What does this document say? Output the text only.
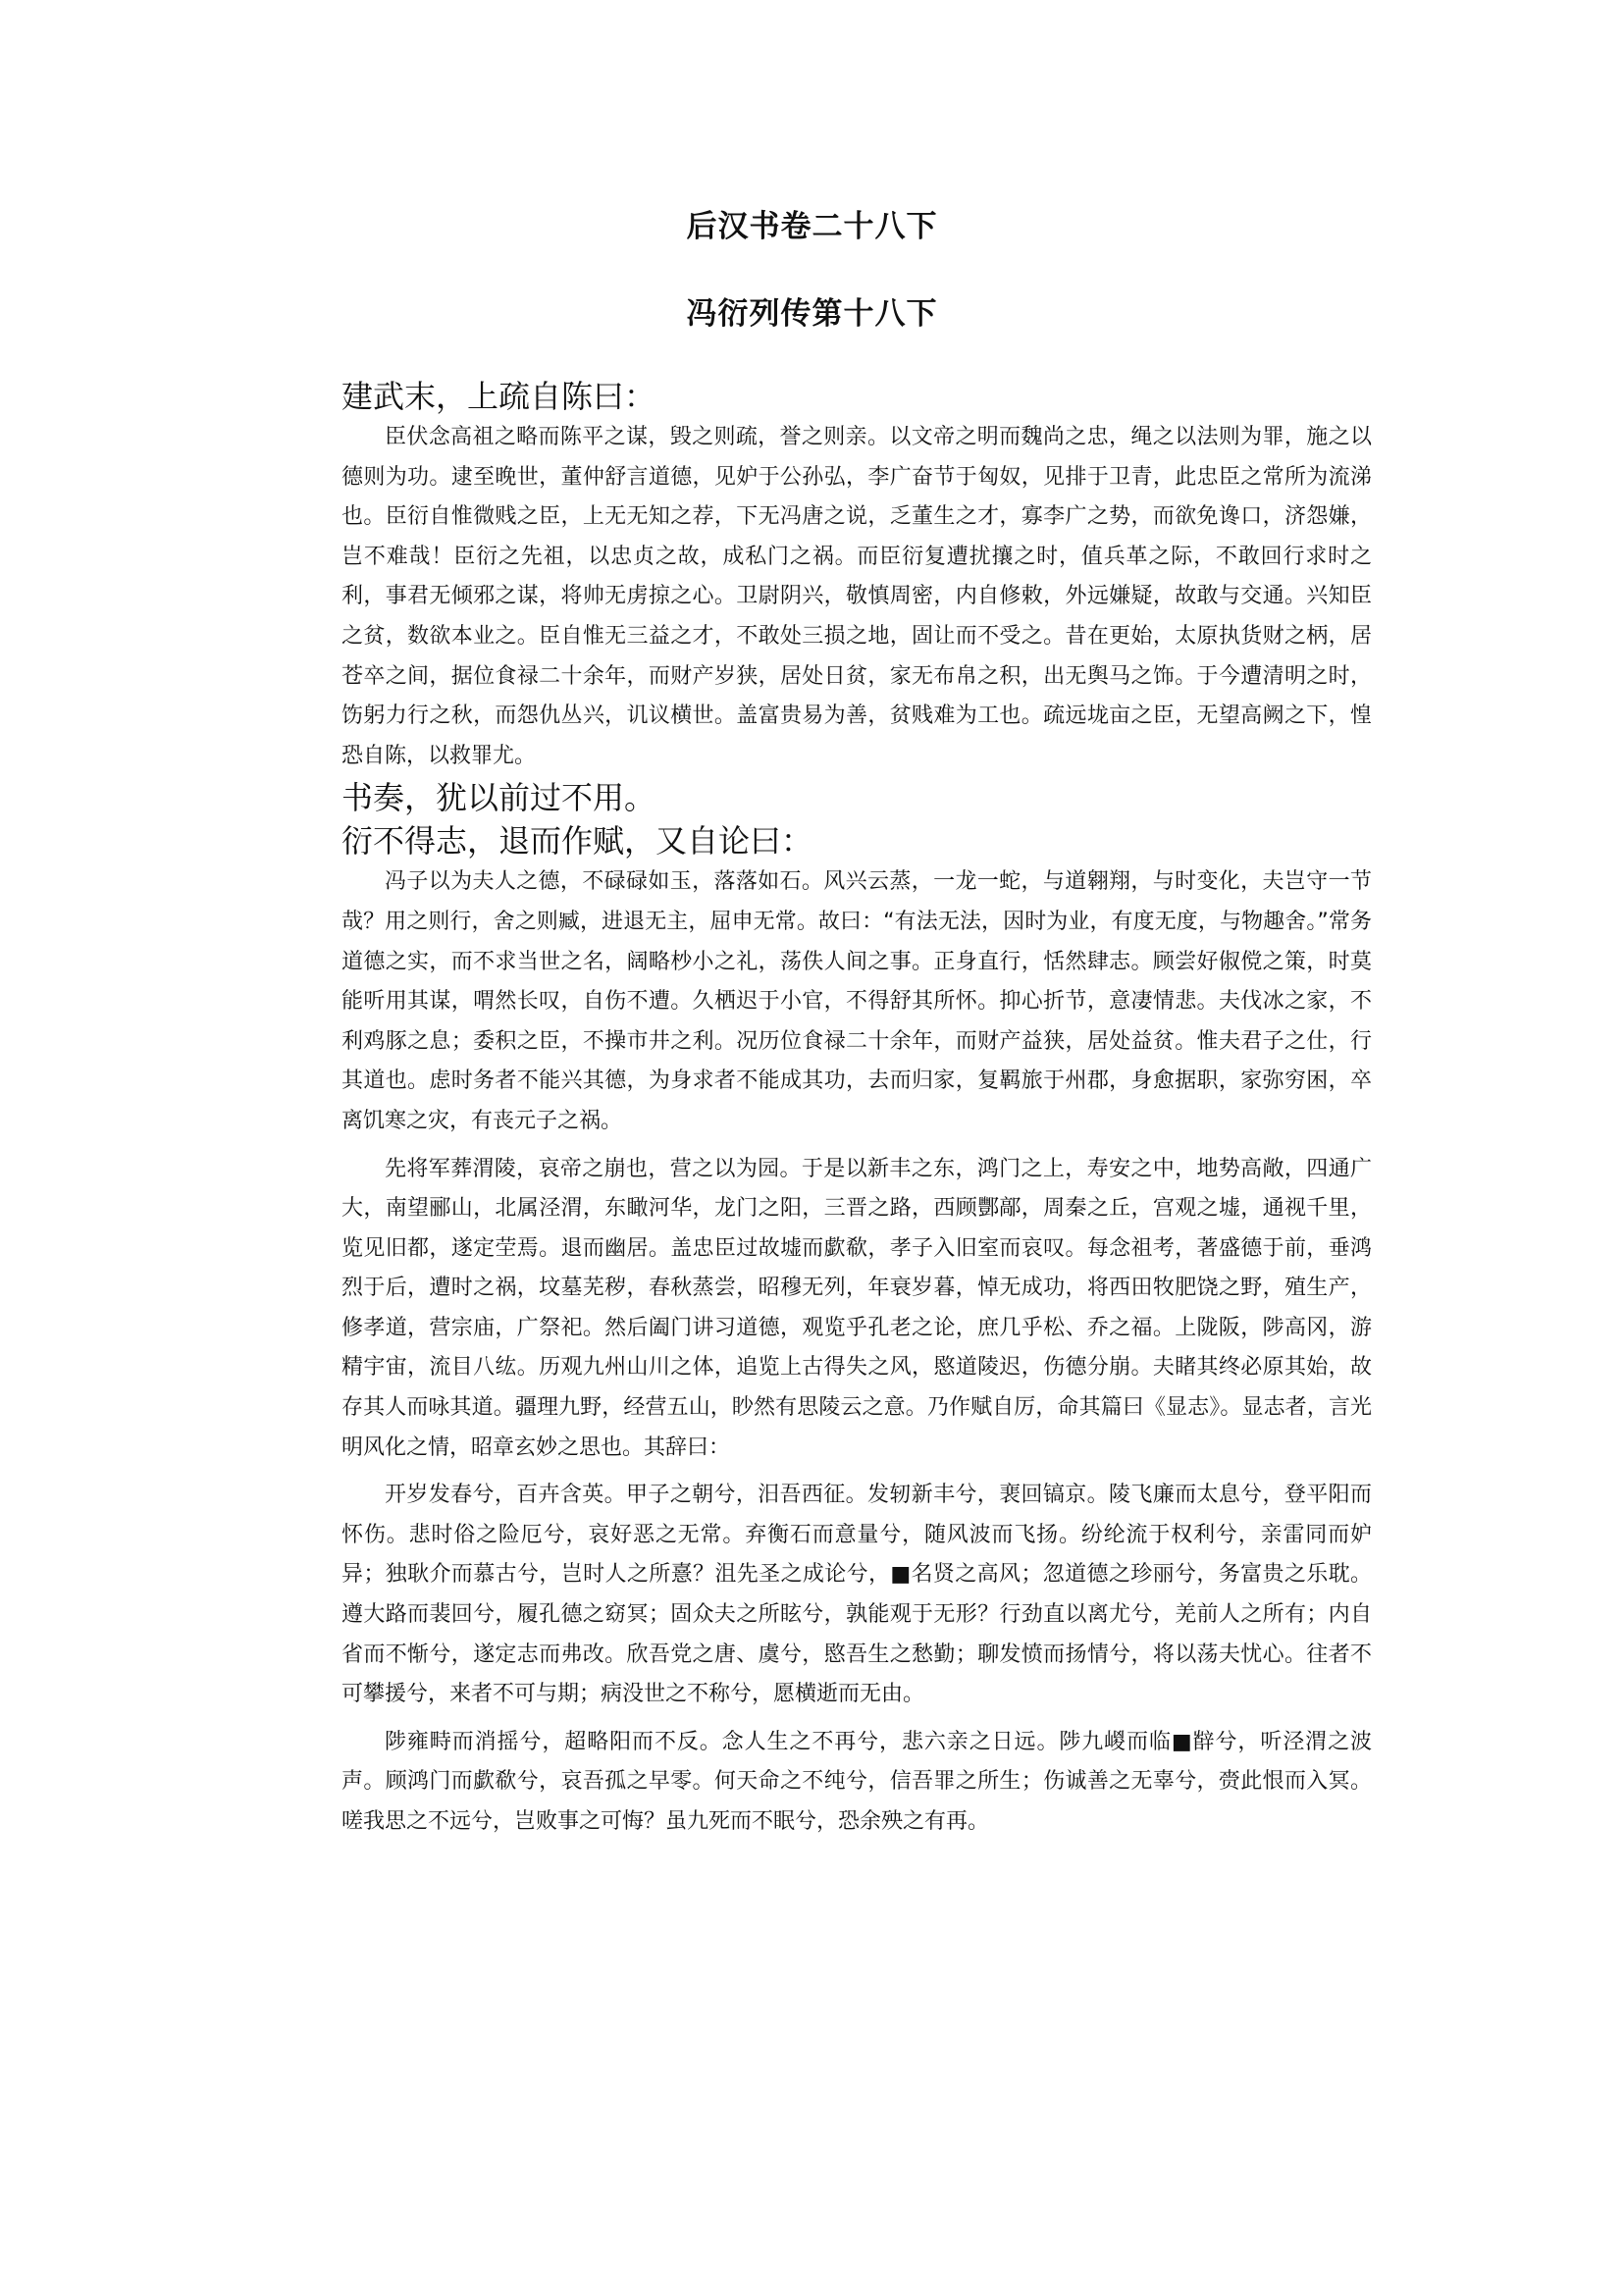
后汉书卷二十八下
冯衍列传第十八下
建武末，上疏自陈曰：

臣伏念高祖之略而陈平之谋，毁之则疏，誉之则亲。以文帝之明而魏尚之忠，绳之以法则为罪，施之以德则为功。逮至晚世，董仲舒言道德，见妒于公孙弘，李广奋节于匈奴，见排于卫青，此忠臣之常所为流涕也。臣衍自惟微贱之臣，上无无知之荐，下无冯唐之说，乏董生之才，寡李广之势，而欲免谗口，济怨嫌，岂不难哉！臣衍之先祖，以忠贞之故，成私门之祸。而臣衍复遭扰攘之时，值兵革之际，不敢回行求时之利，事君无倾邪之谋，将帅无虏掠之心。卫尉阴兴，敬慎周密，内自修敕，外远嫌疑，故敢与交通。兴知臣之贫，数欲本业之。臣自惟无三益之才，不敢处三损之地，固让而不受之。昔在更始，太原执货财之柄，居苍卒之间，据位食禄二十余年，而财产岁狭，居处日贫，家无布帛之积，出无舆马之饰。于今遭清明之时，饬躬力行之秋，而怨仇丛兴，讥议横世。盖富贵易为善，贫贱难为工也。疏远垅亩之臣，无望高阙之下，惶恐自陈，以救罪尤。

书奏，犹以前过不用。
衍不得志，退而作赋，又自论曰：

冯子以为夫人之德，不碌碌如玉，落落如石。风兴云蒸，一龙一蛇，与道翱翔，与时变化，夫岂守一节哉？用之则行，舍之则臧，进退无主，屈申无常。故曰：“有法无法，因时为业，有度无度，与物趣舍。”常务道德之实，而不求当世之名，阔略杪小之礼，荡佚人间之事。正身直行，恬然肆志。顾尝好俶傥之策，时莫能听用其谋，喟然长叹，自伤不遭。久栖迟于小官，不得舒其所怀。抑心折节，意凄情悲。夫伐冰之家，不利鸡豚之息；委积之臣，不操市井之利。况历位食禄二十余年，而财产益狭，居处益贫。惟夫君子之仕，行其道也。虑时务者不能兴其德，为身求者不能成其功，去而归家，复羁旅于州郡，身愈据职，家弥穷困，卒离饥寒之灾，有丧元子之祸。

先将军葬渭陵，哀帝之崩也，营之以为园。于是以新丰之东，鸿门之上，寿安之中，地势高敞，四通广大，南望郦山，北属泾渭，东瞰河华，龙门之阳，三晋之路，西顾酆鄗，周秦之丘，宫观之墟，通视千里，览见旧都，遂定茔焉。退而幽居。盖忠臣过故墟而歔欷，孝子入旧室而哀叹。每念祖考，著盛德于前，垂鸿烈于后，遭时之祸，坟墓芜秽，春秋蒸尝，昭穆无列，年衰岁暮，悼无成功，将西田牧肥饶之野，殖生产，修孝道，营宗庙，广祭祀。然后阖门讲习道德，观览乎孔老之论，庶几乎松、乔之福。上陇阪，陟高冈，游精宇宙，流目八纮。历观九州山川之体，追览上古得失之风，愍道陵迟，伤德分崩。夫睹其终必原其始，故存其人而咏其道。疆理九野，经营五山，眇然有思陵云之意。乃作赋自厉，命其篇曰《显志》。显志者，言光明风化之情，昭章玄妙之思也。其辞曰：

开岁发春兮，百卉含英。甲子之朝兮，汨吾西征。发轫新丰兮，裵回镐京。陵飞廉而太息兮，登平阳而怀伤。悲时俗之险厄兮，哀好恶之无常。弃衡石而意量兮，随风波而飞扬。纷纶流于权利兮，亲雷同而妒异；独耿介而慕古兮，岂时人之所憙？沮先圣之成论兮，■名贤之高风；忽道德之珍丽兮，务富贵之乐耽。遵大路而裴回兮，履孔德之窈冥；固众夫之所眩兮，孰能观于无形？行劲直以离尤兮，羌前人之所有；内自省而不惭兮，遂定志而弗改。欣吾党之唐、虞兮，愍吾生之愁勤；聊发愤而扬情兮，将以荡夫忧心。往者不可攀援兮，来者不可与期；病没世之不称兮，愿横逝而无由。

陟雍畤而消摇兮，超略阳而不反。念人生之不再兮，悲六亲之日远。陟九嵕而临■辥兮，听泾渭之波声。顾鸿门而歔欷兮，哀吾孤之早零。何天命之不纯兮，信吾罪之所生；伤诚善之无辜兮，赍此恨而入冥。嗟我思之不远兮，岂败事之可悔？虽九死而不眠兮，恐余殃之有再。
